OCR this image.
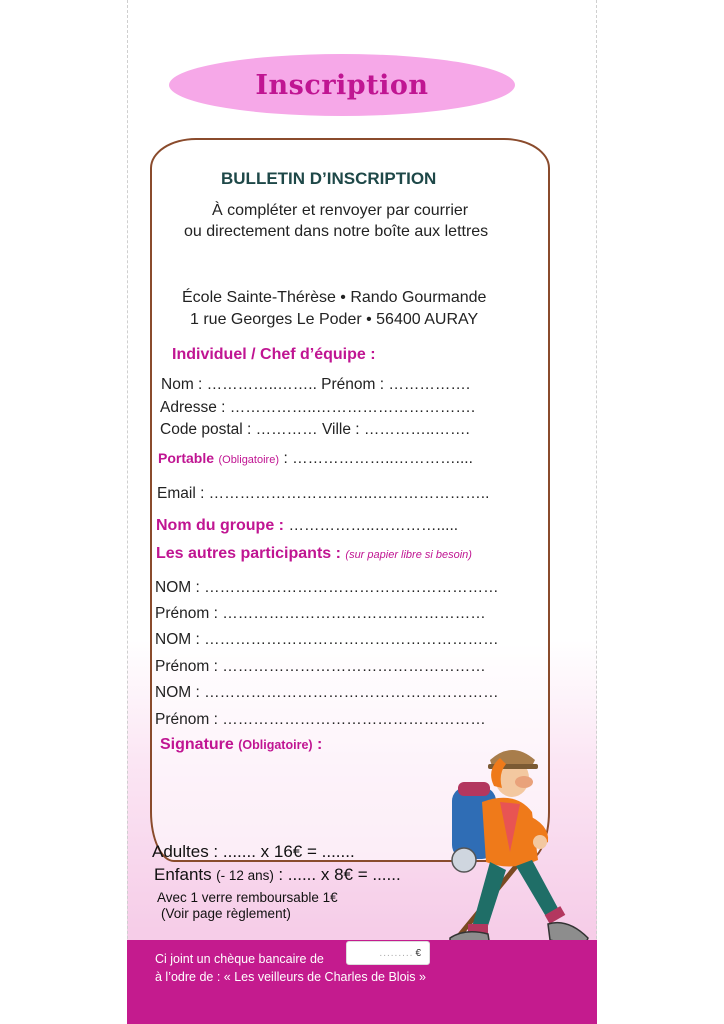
Inscription
BULLETIN D’INSCRIPTION
À compléter et renvoyer par courrier
ou directement dans notre boîte aux lettres
École Sainte-Thérèse • Rando Gourmande
1 rue Georges Le Poder • 56400 AURAY
Individuel / Chef d’équipe :
Nom : …………..…….. Prénom : …………….
Adresse : ……………..………………………….
Code postal : ………… Ville : …………..…….
Portable (Obligatoire) : ………………..…………....
Email : …………………………..…………………..
Nom du groupe : ……………..………….....
Les autres participants : (sur papier libre si besoin)
NOM : …………………………………………………
Prénom : ……………………………………………
NOM : …………………………………………………
Prénom : ……………………………………………
NOM : …………………………………………………
Prénom : ……………………………………………
Signature (Obligatoire) :
Adultes : ....... x 16€ = .......
Enfants (- 12 ans) : ...... x 8€ = ......
Avec 1 verre remboursable 1€
(Voir page règlement)
Ci joint un chèque bancaire de	......... €
à l’odre de : « Les veilleurs de Charles de Blois »
